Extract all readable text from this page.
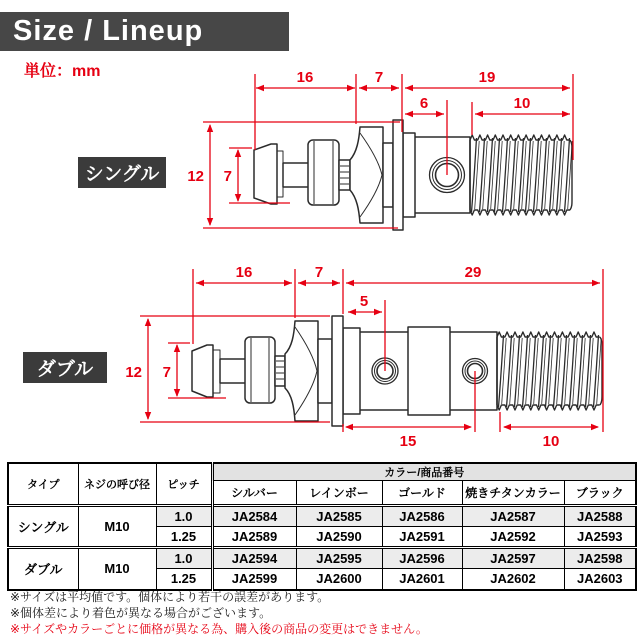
Size / Lineup
単位：mm	16	7	19
6	10
12 7
16	7	29
5
12 7
15	10
シングル
ダブル
タイプ	ネジの呼び径	ピッチ	カラー/商品番号				
			シルバー	レインボー	ゴールド	焼きチタンカラー	ブラック
シングル	M10	1.0	JA2584	JA2585	JA2586	JA2587	JA2588
		1.25	JA2589	JA2590	JA2591	JA2592	JA2593
ダブル	M10	1.0	JA2594	JA2595	JA2596	JA2597	JA2598
		1.25	JA2599	JA2600	JA2601	JA2602	JA2603
※サイズは平均値です。個体により若干の誤差があります。
※個体差により着色が異なる場合がございます。
※サイズやカラーごとに価格が異なる為、購入後の商品の変更はできません。
